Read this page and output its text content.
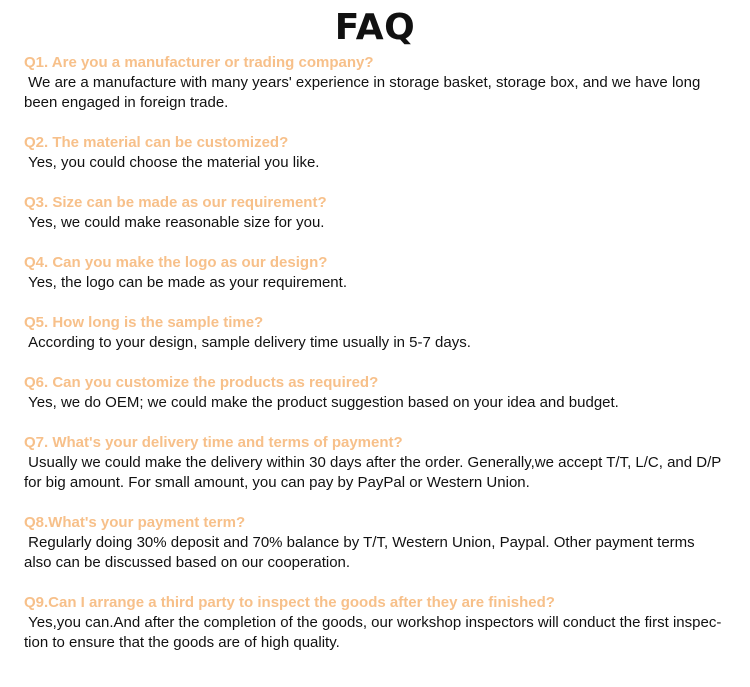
FAQ
Q1. Are you a manufacturer or trading company?
We are a manufacture with many years' experience in storage basket, storage box, and we have long
been engaged in foreign trade.
Q2. The material can be customized?
Yes, you could choose the material you like.
Q3. Size can be made as our requirement?
Yes, we could make reasonable size for you.
Q4. Can you make the logo as our design?
Yes, the logo can be made as your requirement.
Q5. How long is the sample time?
According to your design, sample delivery time usually in 5-7 days.
Q6. Can you customize the products as required?
Yes, we do OEM; we could make the product suggestion based on your idea and budget.
Q7. What's your delivery time and terms of payment?
Usually we could make the delivery within 30 days after the order. Generally,we accept T/T, L/C, and D/P
for big amount. For small amount, you can pay by PayPal or Western Union.
Q8.What's your payment term?
Regularly doing 30% deposit and 70% balance by T/T, Western Union, Paypal. Other payment terms
also can be discussed based on our cooperation.
Q9.Can I arrange a third party to inspect the goods after they are finished?
Yes,you can.And after the completion of the goods, our workshop inspectors will conduct the first inspec-
tion to ensure that the goods are of high quality.
